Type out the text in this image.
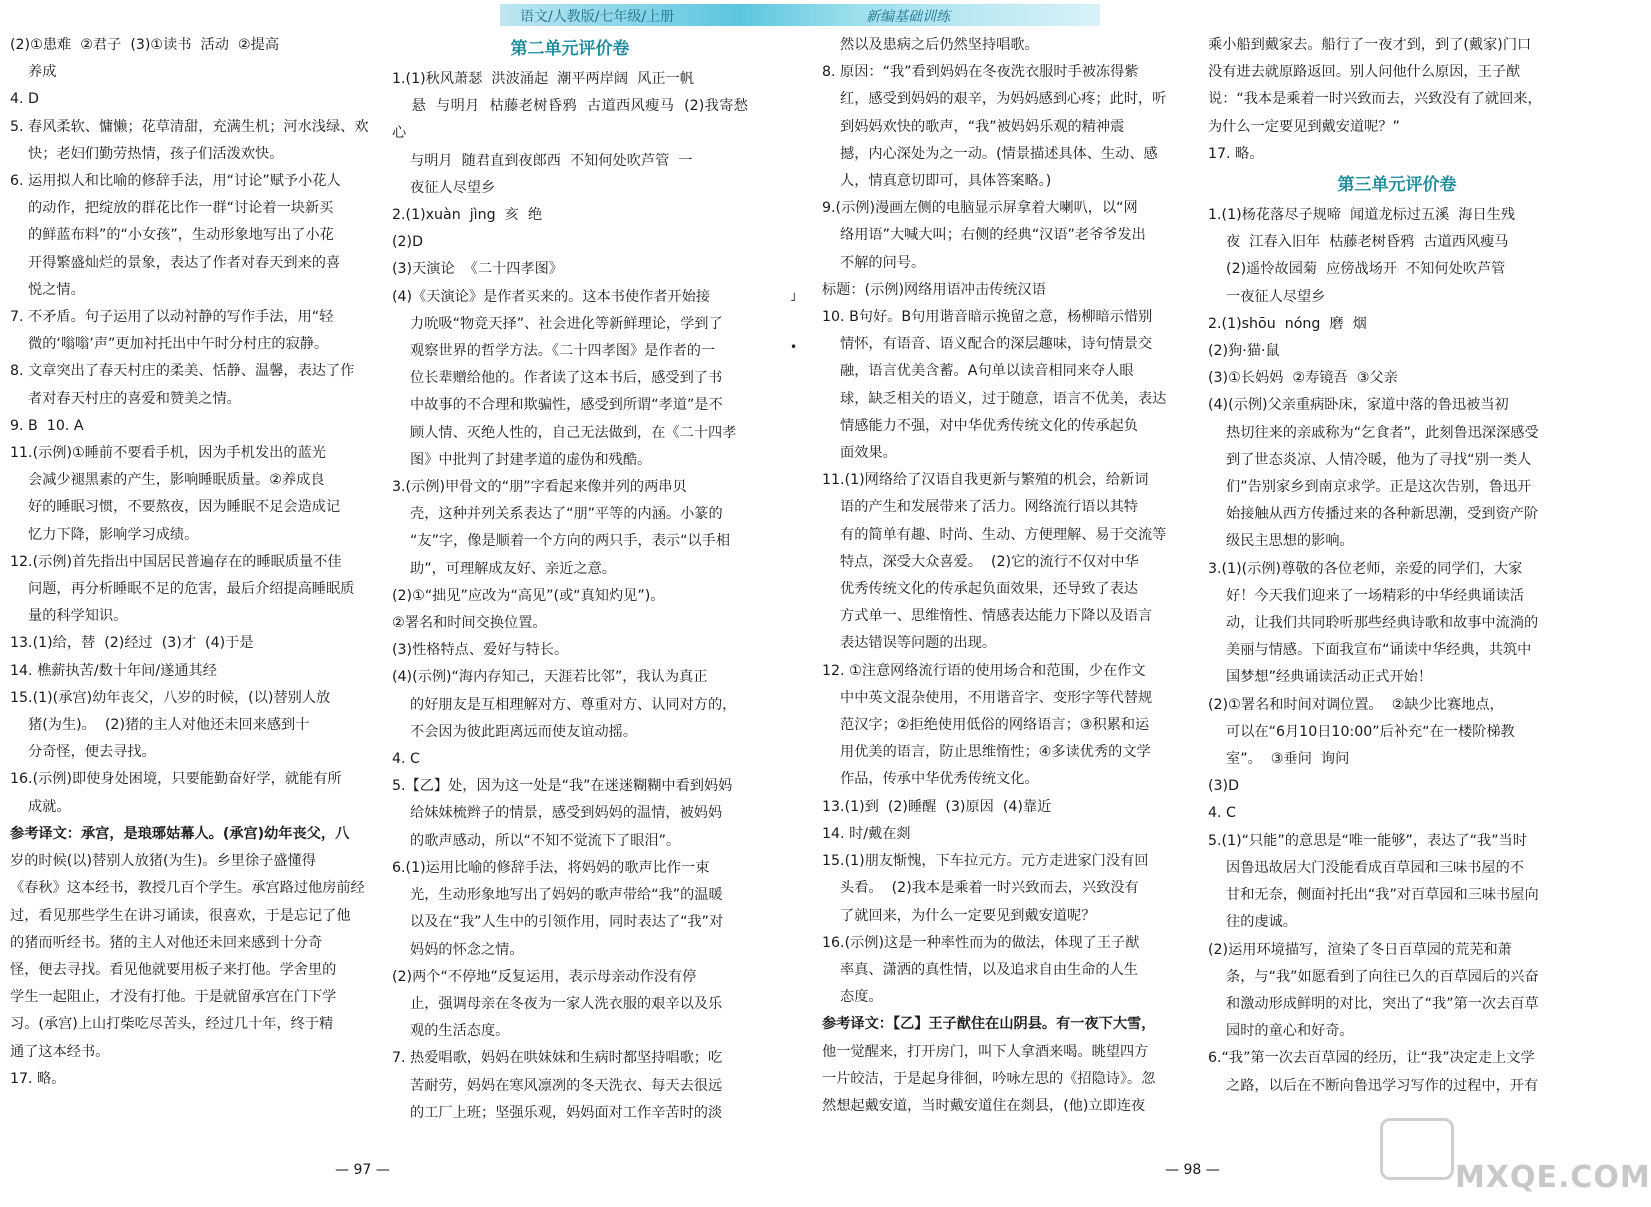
语文/人教版/七年级/上册	新编基础训练

(2)①患难  ②君子  (3)①读书  活动  ②提高

养成

4. D

5. 春风柔软、慵懒；花草清甜，充满生机；河水浅绿、欢

快；老妇们勤劳热情，孩子们活泼欢快。

6. 运用拟人和比喻的修辞手法，用“讨论”赋予小花人

的动作，把绽放的群花比作一群“讨论着一块新买

的鲜蓝布料”的“小女孩”，生动形象地写出了小花

开得繁盛灿烂的景象，表达了作者对春天到来的喜

悦之情。

7. 不矛盾。句子运用了以动衬静的写作手法，用“轻

微的‘嗡嗡’声”更加衬托出中午时分村庄的寂静。

8. 文章突出了春天村庄的柔美、恬静、温馨，表达了作

者对春天村庄的喜爱和赞美之情。

9. B  10. A

11.(示例)①睡前不要看手机，因为手机发出的蓝光

会减少褪黑素的产生，影响睡眠质量。②养成良

好的睡眠习惯，不要熬夜，因为睡眠不足会造成记

忆力下降，影响学习成绩。

12.(示例)首先指出中国居民普遍存在的睡眠质量不佳

问题，再分析睡眠不足的危害，最后介绍提高睡眠质

量的科学知识。

13.(1)给，替  (2)经过  (3)才  (4)于是

14. 樵薪执苦/数十年间/遂通其经

15.(1)(承宫)幼年丧父，八岁的时候，(以)替别人放

猪(为生)。  (2)猪的主人对他还未回来感到十

分奇怪，便去寻找。

16.(示例)即使身处困境，只要能勤奋好学，就能有所

成就。

参考译文：承宫，是琅琊姑幕人。(承宫)幼年丧父，八

岁的时候(以)替别人放猪(为生)。乡里徐子盛懂得

《春秋》这本经书，教授几百个学生。承宫路过他房前经

过，看见那些学生在讲习诵读，很喜欢，于是忘记了他

的猪而听经书。猪的主人对他还未回来感到十分奇

怪，便去寻找。看见他就要用板子来打他。学舍里的

学生一起阻止，才没有打他。于是就留承宫在门下学

习。(承宫)上山打柴吃尽苦头，经过几十年，终于精

通了这本经书。

17. 略。

第二单元评价卷

1.(1)秋风萧瑟  洪波涌起  潮平两岸阔  风正一帆

悬  与明月  枯藤老树昏鸦  古道西风瘦马  (2)我寄愁心

与明月  随君直到夜郎西  不知何处吹芦管  一

夜征人尽望乡

2.(1)xuàn  jìng  亥  绝

(2)D

(3)天演论  《二十四孝图》

(4)《天演论》是作者买来的。这本书使作者开始接

力吮吸“物竞天择”、社会进化等新鲜理论，学到了

观察世界的哲学方法。《二十四孝图》是作者的一

位长辈赠给他的。作者读了这本书后，感受到了书

中故事的不合理和欺骗性，感受到所谓“孝道”是不

顾人情、灭绝人性的，自己无法做到，在《二十四孝

图》中批判了封建孝道的虚伪和残酷。

3.(示例)甲骨文的“朋”字看起来像并列的两串贝

壳，这种并列关系表达了“朋”平等的内涵。小篆的

“友”字，像是顺着一个方向的两只手，表示“以手相

助”，可理解成友好、亲近之意。

(2)①“拙见”应改为“高见”(或“真知灼见”)。

②署名和时间交换位置。

(3)性格特点、爱好与特长。

(4)(示例)“海内存知己，天涯若比邻”，我认为真正

的好朋友是互相理解对方、尊重对方、认同对方的，

不会因为彼此距离远而使友谊动摇。

4. C

5.【乙】处，因为这一处是“我”在迷迷糊糊中看到妈妈

给妹妹梳辫子的情景，感受到妈妈的温情，被妈妈

的歌声感动，所以“不知不觉流下了眼泪”。

6.(1)运用比喻的修辞手法，将妈妈的歌声比作一束

光，生动形象地写出了妈妈的歌声带给“我”的温暖

以及在“我”人生中的引领作用，同时表达了“我”对

妈妈的怀念之情。

(2)两个“不停地”反复运用，表示母亲动作没有停

止，强调母亲在冬夜为一家人洗衣服的艰辛以及乐

观的生活态度。

7. 热爱唱歌，妈妈在哄妹妹和生病时都坚持唱歌；吃

苦耐劳，妈妈在寒风凛冽的冬天洗衣、每天去很远

的工厂上班；坚强乐观，妈妈面对工作辛苦时的淡

然以及患病之后仍然坚持唱歌。

8. 原因：“我”看到妈妈在冬夜洗衣服时手被冻得紫

红，感受到妈妈的艰辛，为妈妈感到心疼；此时，听

到妈妈欢快的歌声，“我”被妈妈乐观的精神震

撼，内心深处为之一动。(情景描述具体、生动、感

人，情真意切即可，具体答案略。)

9.(示例)漫画左侧的电脑显示屏拿着大喇叭，以“网

络用语”大喊大叫；右侧的经典“汉语”老爷爷发出

不解的问号。

标题：(示例)网络用语冲击传统汉语

10. B句好。B句用谐音暗示挽留之意，杨柳暗示惜别

情怀，有语音、语义配合的深层趣味，诗句情景交

融，语言优美含蓄。A句单以读音相同来夺人眼

球，缺乏相关的语义，过于随意，语言不优美，表达

情感能力不强，对中华优秀传统文化的传承起负

面效果。

11.(1)网络给了汉语自我更新与繁殖的机会，给新词

语的产生和发展带来了活力。网络流行语以其特

有的简单有趣、时尚、生动、方便理解、易于交流等

特点，深受大众喜爱。  (2)它的流行不仅对中华

优秀传统文化的传承起负面效果，还导致了表达

方式单一、思维惰性、情感表达能力下降以及语言

表达错误等问题的出现。

12. ①注意网络流行语的使用场合和范围，少在作文

中中英文混杂使用，不用谐音字、变形字等代替规

范汉字；②拒绝使用低俗的网络语言；③积累和运

用优美的语言，防止思维惰性；④多读优秀的文学

作品，传承中华优秀传统文化。

13.(1)到  (2)睡醒  (3)原因  (4)靠近

14. 时/戴在剡

15.(1)朋友惭愧，下车拉元方。元方走进家门没有回

头看。  (2)我本是乘着一时兴致而去，兴致没有

了就回来，为什么一定要见到戴安道呢？

16.(示例)这是一种率性而为的做法，体现了王子猷

率真、潇洒的真性情，以及追求自由生命的人生

态度。

参考译文：【乙】王子猷住在山阴县。有一夜下大雪，

他一觉醒来，打开房门，叫下人拿酒来喝。眺望四方

一片皎洁，于是起身徘徊，吟咏左思的《招隐诗》。忽

然想起戴安道，当时戴安道住在剡县，(他)立即连夜

乘小船到戴家去。船行了一夜才到，到了(戴家)门口

没有进去就原路返回。别人问他什么原因，王子猷

说：“我本是乘着一时兴致而去，兴致没有了就回来，

为什么一定要见到戴安道呢？”

17. 略。

第三单元评价卷

1.(1)杨花落尽子规啼  闻道龙标过五溪  海日生残

夜  江春入旧年  枯藤老树昏鸦  古道西风瘦马

(2)遥怜故园菊  应傍战场开  不知何处吹芦管

一夜征人尽望乡

2.(1)shōu  nóng  磨  烟

(2)狗·猫·鼠

(3)①长妈妈  ②寿镜吾  ③父亲

(4)(示例)父亲重病卧床，家道中落的鲁迅被当初

热切往来的亲戚称为“乞食者”，此刻鲁迅深深感受

到了世态炎凉、人情冷暖，他为了寻找“别一类人

们”告别家乡到南京求学。正是这次告别，鲁迅开

始接触从西方传播过来的各种新思潮，受到资产阶

级民主思想的影响。

3.(1)(示例)尊敬的各位老师，亲爱的同学们，大家

好！今天我们迎来了一场精彩的中华经典诵读活

动，让我们共同聆听那些经典诗歌和故事中流淌的

美丽与情感。下面我宣布“诵读中华经典，共筑中

国梦想”经典诵读活动正式开始！

(2)①署名和时间对调位置。  ②缺少比赛地点，

可以在“6月10日10:00”后补充“在一楼阶梯教

室”。  ③垂问  询问

(3)D

4. C

5.(1)“只能”的意思是“唯一能够”，表达了“我”当时

因鲁迅故居大门没能看成百草园和三味书屋的不

甘和无奈，侧面衬托出“我”对百草园和三味书屋向

往的虔诚。

(2)运用环境描写，渲染了冬日百草园的荒芜和萧

条，与“我”如愿看到了向往已久的百草园后的兴奋

和激动形成鲜明的对比，突出了“我”第一次去百草

园时的童心和好奇。

6.“我”第一次去百草园的经历，让“我”决定走上文学

之路，以后在不断向鲁迅学习写作的过程中，开有

˩
•
— 97 —	— 98 —	MXQE.COM
